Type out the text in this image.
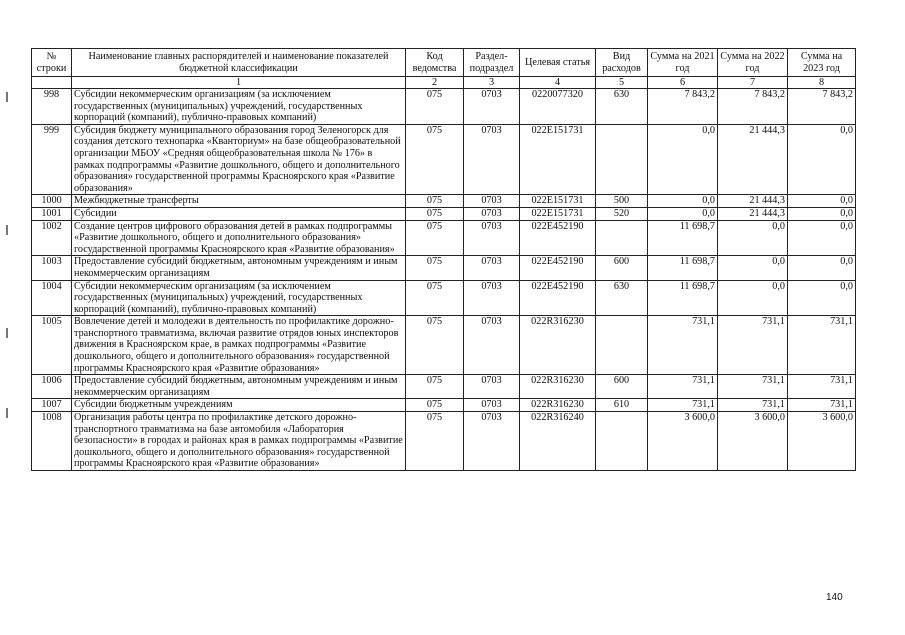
№ строки	Наименование главных распорядителей и наименование показателей бюджетной классификации	Код ведомства	Раздел-подраздел	Целевая статья	Вид расходов	Сумма на 2021 год	Сумма на 2022 год	Сумма на 2023 год
	1	2	3	4	5	6	7	8
998	Субсидии некоммерческим организациям (за исключением государственных (муниципальных) учреждений, государственных корпораций (компаний), публично-правовых компаний)	075	0703	0220077320	630	7 843,2	7 843,2	7 843,2
999	Субсидия бюджету муниципального образования город Зеленогорск для создания детского технопарка «Кванториум» на базе общеобразовательной организации МБОУ «Средняя общеобразовательная школа № 176» в рамках подпрограммы «Развитие дошкольного, общего и дополнительного образования» государственной программы Красноярского края «Развитие образования»	075	0703	022E151731		0,0	21 444,3	0,0
1000	Межбюджетные трансферты	075	0703	022E151731	500	0,0	21 444,3	0,0
1001	Субсидии	075	0703	022E151731	520	0,0	21 444,3	0,0
1002	Создание центров цифрового образования детей в рамках подпрограммы «Развитие дошкольного, общего и дополнительного образования» государственной программы Красноярского края «Развитие образования»	075	0703	022E452190		11 698,7	0,0	0,0
1003	Предоставление субсидий бюджетным, автономным учреждениям и иным некоммерческим организациям	075	0703	022E452190	600	11 698,7	0,0	0,0
1004	Субсидии некоммерческим организациям (за исключением государственных (муниципальных) учреждений, государственных корпораций (компаний), публично-правовых компаний)	075	0703	022E452190	630	11 698,7	0,0	0,0
1005	Вовлечение детей и молодежи в деятельность по профилактике дорожно-транспортного травматизма, включая развитие отрядов юных инспекторов движения в Красноярском крае, в рамках подпрограммы «Развитие дошкольного, общего и дополнительного образования» государственной программы Красноярского края «Развитие образования»	075	0703	022R316230		731,1	731,1	731,1
1006	Предоставление субсидий бюджетным, автономным учреждениям и иным некоммерческим организациям	075	0703	022R316230	600	731,1	731,1	731,1
1007	Субсидии бюджетным учреждениям	075	0703	022R316230	610	731,1	731,1	731,1
1008	Организация работы центра по профилактике детского дорожно-транспортного травматизма на базе автомобиля «Лаборатория безопасности» в городах и районах края в рамках подпрограммы «Развитие дошкольного, общего и дополнительного образования» государственной программы Красноярского края «Развитие образования»	075	0703	022R316240		3 600,0	3 600,0	3 600,0
140
